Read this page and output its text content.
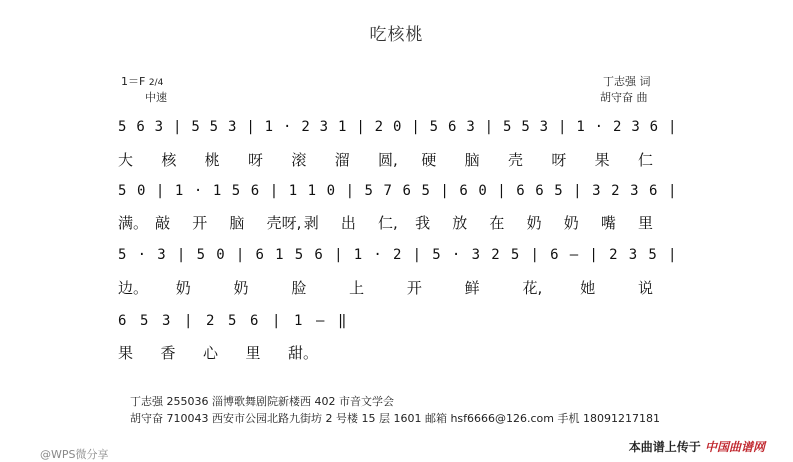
吃核桃
1＝F 2/4
中速
丁志强 词
胡守奋 曲
5 6 3 | 5 5 3 | 1 · 2 3 1 | 2 0 | 5 6 3 | 5 5 3 | 1 · 2 3 6 |
5 0 | 1 · 1 5 6 | 1 1 0 | 5 7 6 5 | 6 0 | 6 6 5 | 3 2 3 6 |
5 · 3 | 5 0 | 6 1 5 6 | 1 · 2 | 5 · 3 2 5 | 6 — | 2 3 5 |
6 5 3 | 2 5 6 | 1 — ‖
大 核 桃 呀 滚 溜 圆, 硬 脑 壳 呀 果 仁
满。 敲 开 脑 壳呀, 剥 出 仁, 我 放 在 奶 奶 嘴 里
边。 奶	奶	脸	上	开	鲜	花,	她	说
果 香 心 里 甜。
丁志强 255036 淄博歌舞剧院新楼西 402 市音文学会
胡守奋 710043 西安市公园北路九街坊 2 号楼 15 层 1601 邮箱 hsf6666@126.com 手机 18091217181
@WPS微分享
本曲谱上传于 中国曲谱网
